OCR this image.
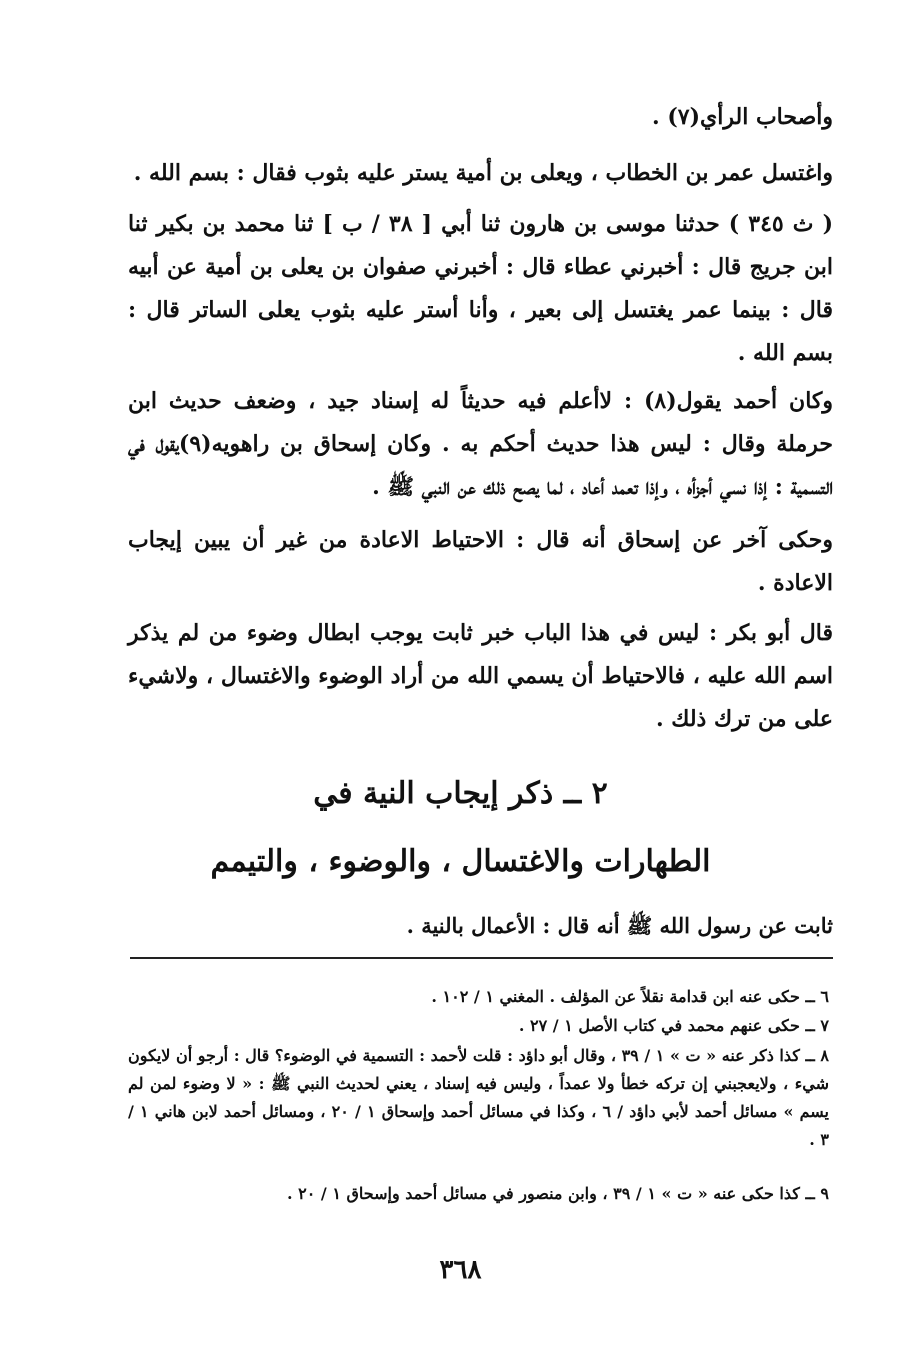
وأصحاب الرأي(٧) .
واغتسل عمر بن الخطاب ، ويعلى بن أمية يستر عليه بثوب فقال : بسم الله .
( ث ٣٤٥ ) حدثنا موسى بن هارون ثنا أبي [ ٣٨ / ب ] ثنا محمد بن بكير ثنا ابن جريج قال : أخبرني عطاء قال : أخبرني صفوان بن يعلى بن أمية عن أبيه قال : بينما عمر يغتسل إلى بعير ، وأنا أستر عليه بثوب يعلى الساتر قال : بسم الله .
وكان أحمد يقول(٨) : لاأعلم فيه حديثاً له إسناد جيد ، وضعف حديث ابن حرملة وقال : ليس هذا حديث أحكم به . وكان إسحاق بن راهويه(٩)يقول في التسمية : إذا نسي أجزأه ، وإذا تعمد أعاد ، لما يصح ذلك عن النبي ﷺ .
وحكى آخر عن إسحاق أنه قال : الاحتياط الاعادة من غير أن يبين إيجاب الاعادة .
قال أبو بكر : ليس في هذا الباب خبر ثابت يوجب ابطال وضوء من لم يذكر اسم الله عليه ، فالاحتياط أن يسمي الله من أراد الوضوء والاغتسال ، ولاشيء على من ترك ذلك .
٢ ــ ذكر إيجاب النية في
الطهارات والاغتسال ، والوضوء ، والتيمم
ثابت عن رسول الله ﷺ أنه قال : الأعمال بالنية .
٦ ــ حكى عنه ابن قدامة نقلاً عن المؤلف . المغني ١ / ١٠٢ .
٧ ــ حكى عنهم محمد في كتاب الأصل ١ / ٢٧ .
٨ ــ كذا ذكر عنه « ت » ١ / ٣٩ ، وقال أبو داؤد : قلت لأحمد : التسمية في الوضوء؟ قال : أرجو أن لايكون شيء ، ولايعجبني إن تركه خطأ ولا عمداً ، وليس فيه إسناد ، يعني لحديث النبي ﷺ : « لا وضوء لمن لم يسم » مسائل أحمد لأبي داؤد / ٦ ، وكذا في مسائل أحمد وإسحاق ١ / ٢٠ ، ومسائل أحمد لابن هاني ١ / ٣ .
٩ ــ كذا حكى عنه « ت » ١ / ٣٩ ، وابن منصور في مسائل أحمد وإسحاق ١ / ٢٠ .
٣٦٨
